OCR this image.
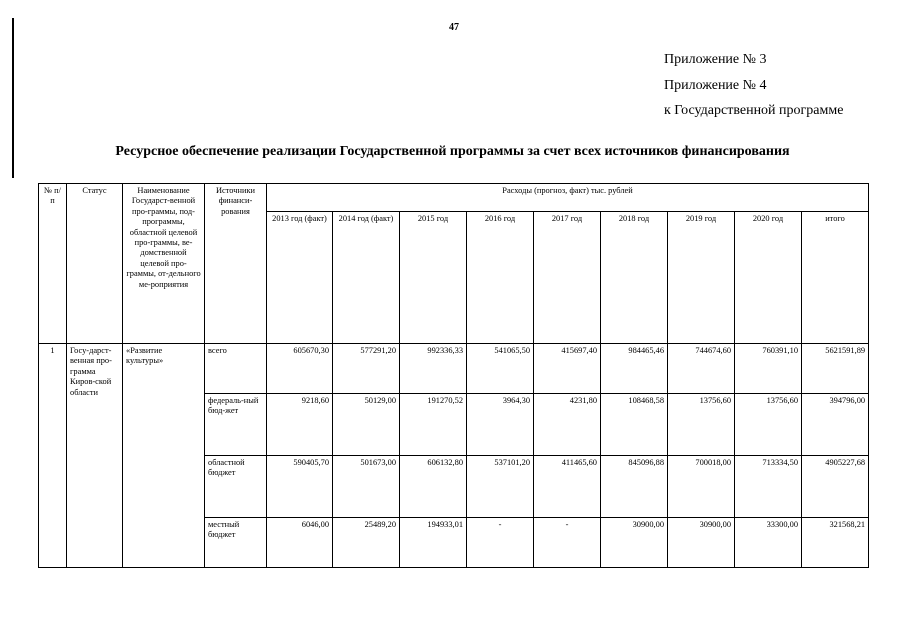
47
Приложение № 3
Приложение № 4
к Государственной программе
Ресурсное обеспечение реализации Государственной программы за счет всех источников финансирования
№ п/п	Статус	Наименование Государст-венной про-граммы, под-программы, областной целевой про-граммы, ве-домственной целевой про-граммы, от-дельного ме-роприятия	Источники финанси-рования	Расходы (прогноз, факт) тыс. рублей								
				2013 год (факт)	2014 год (факт)	2015 год	2016 год	2017 год	2018 год	2019 год	2020 год	итого
1	Госу-дарст-венная про-грамма Киров-ской области	«Развитие культуры»	всего	605670,30	577291,20	992336,33	541065,50	415697,40	984465,46	744674,60	760391,10	5621591,89
			федераль-ный бюд-жет	9218,60	50129,00	191270,52	3964,30	4231,80	108468,58	13756,60	13756,60	394796,00
			областной бюджет	590405,70	501673,00	606132,80	537101,20	411465,60	845096,88	700018,00	713334,50	4905227,68
			местный бюджет	6046,00	25489,20	194933,01	-	-	30900,00	30900,00	33300,00	321568,21
